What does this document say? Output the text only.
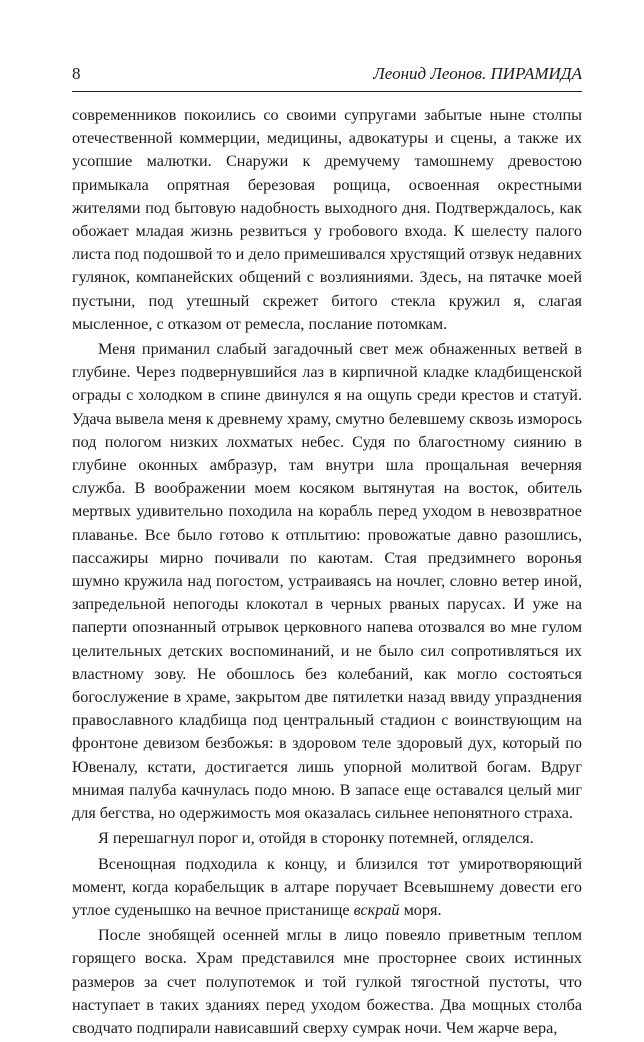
8	Леонид Леонов. ПИРАМИДА

современников покоились со своими супругами забытые ныне столпы отечественной коммерции, медицины, адвокатуры и сцены, а также их усопшие малютки. Снаружи к дремучему тамошнему древостою примыкала опрятная березовая рощица, освоенная окрестными жителями под бытовую надобность выходного дня. Подтверждалось, как обожает младая жизнь резвиться у гробового входа. К шелесту палого листа под подошвой то и дело примешивался хрустящий отзвук недавних гулянок, компанейских общений с возлияниями. Здесь, на пятачке моей пустыни, под утешный скрежет битого стекла кружил я, слагая мысленное, с отказом от ремесла, послание потомкам.

Меня приманил слабый загадочный свет меж обнаженных ветвей в глубине. Через подвернувшийся лаз в кирпичной кладке кладбищенской ограды с холодком в спине двинулся я на ощупь среди крестов и статуй. Удача вывела меня к древнему храму, смутно белевшему сквозь изморось под пологом низких лохматых небес. Судя по благостному сиянию в глубине оконных амбразур, там внутри шла прощальная вечерняя служба. В воображении моем косяком вытянутая на восток, обитель мертвых удивительно походила на корабль перед уходом в невозвратное плаванье. Все было готово к отплытию: провожатые давно разошлись, пассажиры мирно почивали по каютам. Стая предзимнего воронья шумно кружила над погостом, устраиваясь на ночлег, словно ветер иной, запредельной непогоды клокотал в черных рваных парусах. И уже на паперти опознанный отрывок церковного напева отозвался во мне гулом целительных детских воспоминаний, и не было сил сопротивляться их властному зову. Не обошлось без колебаний, как могло состояться богослужение в храме, закрытом две пятилетки назад ввиду упразднения православного кладбища под центральный стадион с воинствующим на фронтоне девизом безбожья: в здоровом теле здоровый дух, который по Ювеналу, кстати, достигается лишь упорной молитвой богам. Вдруг мнимая палуба качнулась подо мною. В запасе еще оставался целый миг для бегства, но одержимость моя оказалась сильнее непонятного страха.

Я перешагнул порог и, отойдя в сторонку потемней, огляделся.

Всенощная подходила к концу, и близился тот умиротворяющий момент, когда корабельщик в алтаре поручает Всевышнему довести его утлое суденышко на вечное пристанище вскрай моря.

После знобящей осенней мглы в лицо повеяло приветным теплом горящего воска. Храм представился мне просторнее своих истинных размеров за счет полупотемок и той гулкой тягостной пустоты, что наступает в таких зданиях перед уходом божества. Два мощных столба сводчато подпирали нависавший сверху сумрак ночи. Чем жарче вера,
